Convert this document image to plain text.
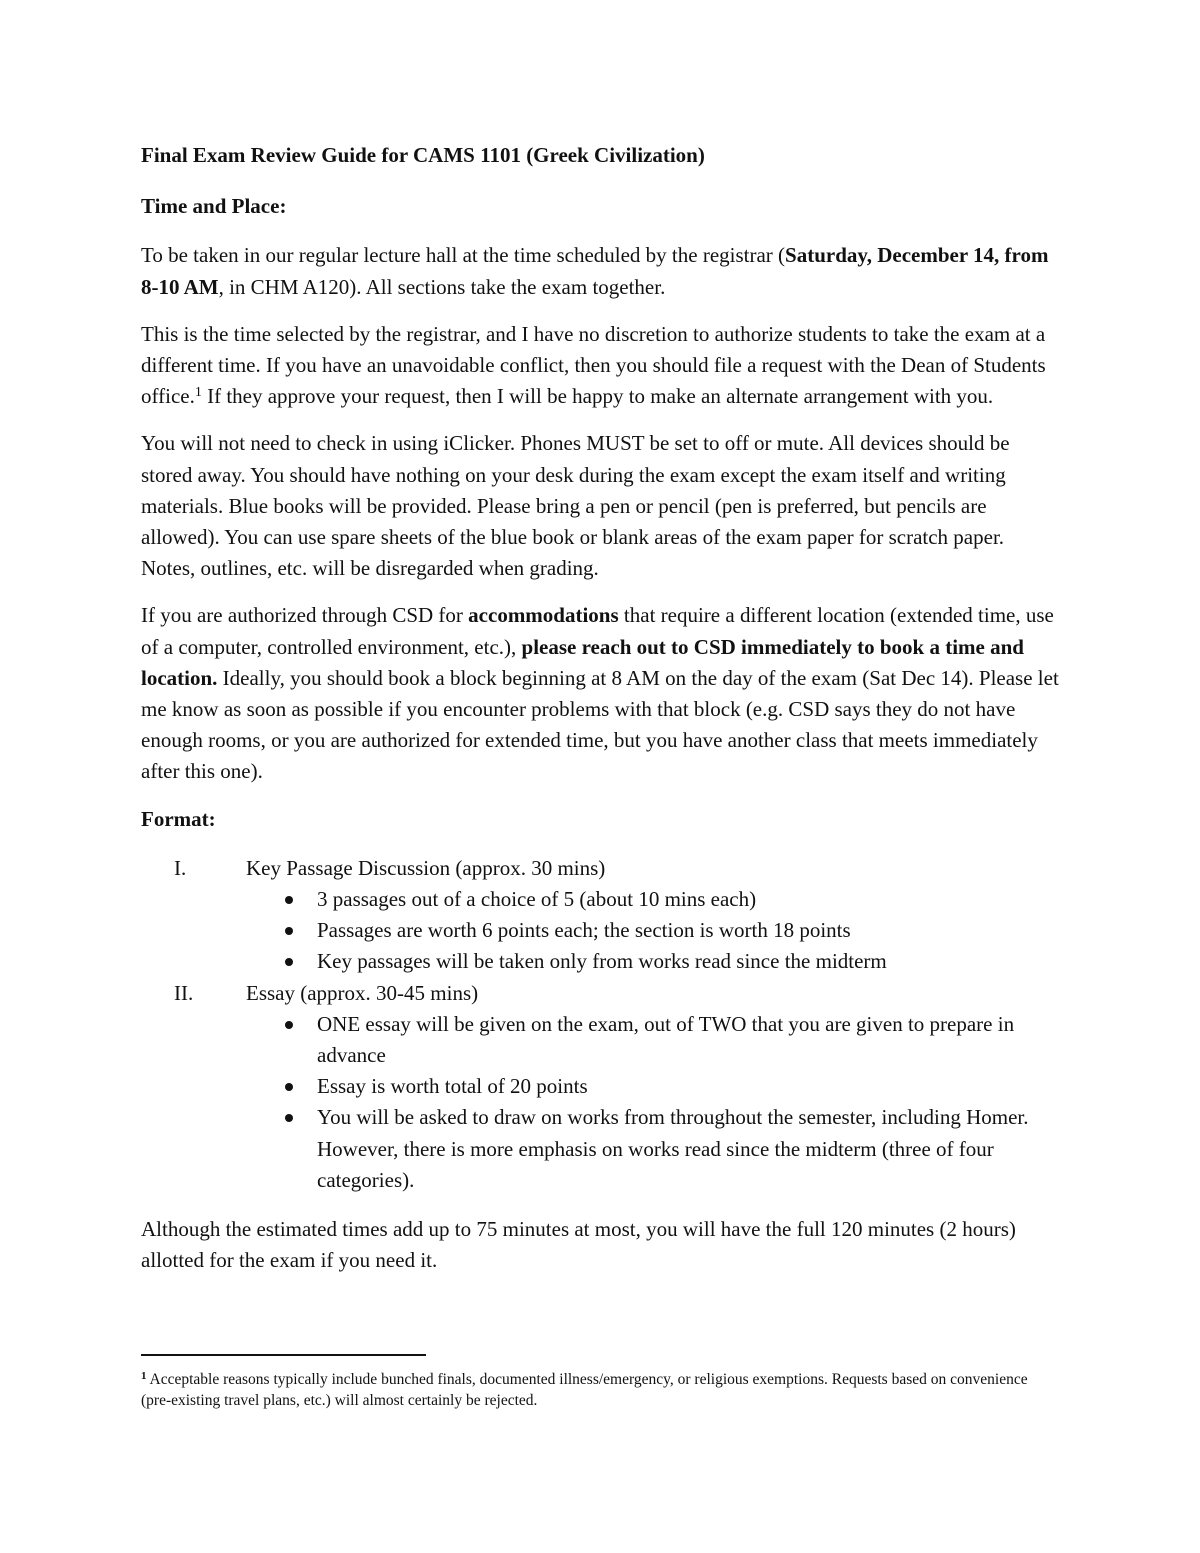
Final Exam Review Guide for CAMS 1101 (Greek Civilization)

Time and Place:

To be taken in our regular lecture hall at the time scheduled by the registrar (Saturday, December 14, from 8-10 AM, in CHM A120). All sections take the exam together.

This is the time selected by the registrar, and I have no discretion to authorize students to take the exam at a different time. If you have an unavoidable conflict, then you should file a request with the Dean of Students office.$^1$ If they approve your request, then I will be happy to make an alternate arrangement with you.

You will not need to check in using iClicker. Phones MUST be set to off or mute. All devices should be stored away. You should have nothing on your desk during the exam except the exam itself and writing materials. Blue books will be provided. Please bring a pen or pencil (pen is preferred, but pencils are allowed). You can use spare sheets of the blue book or blank areas of the exam paper for scratch paper. Notes, outlines, etc. will be disregarded when grading.

If you are authorized through CSD for accommodations that require a different location (extended time, use of a computer, controlled environment, etc.), please reach out to CSD immediately to book a time and location. Ideally, you should book a block beginning at 8 AM on the day of the exam (Sat Dec 14). Please let me know as soon as possible if you encounter problems with that block (e.g. CSD says they do not have enough rooms, or you are authorized for extended time, but you have another class that meets immediately after this one).

Format:

I.	Key Passage Discussion (approx. 30 mins)
3 passages out of a choice of 5 (about 10 mins each)
Passages are worth 6 points each; the section is worth 18 points
Key passages will be taken only from works read since the midterm
II.	Essay (approx. 30-45 mins)
ONE essay will be given on the exam, out of TWO that you are given to prepare in advance
Essay is worth total of 20 points
You will be asked to draw on works from throughout the semester, including Homer. However, there is more emphasis on works read since the midterm (three of four categories).

Although the estimated times add up to 75 minutes at most, you will have the full 120 minutes (2 hours) allotted for the exam if you need it.

$^1$ Acceptable reasons typically include bunched finals, documented illness/emergency, or religious exemptions. Requests based on convenience (pre-existing travel plans, etc.) will almost certainly be rejected.
